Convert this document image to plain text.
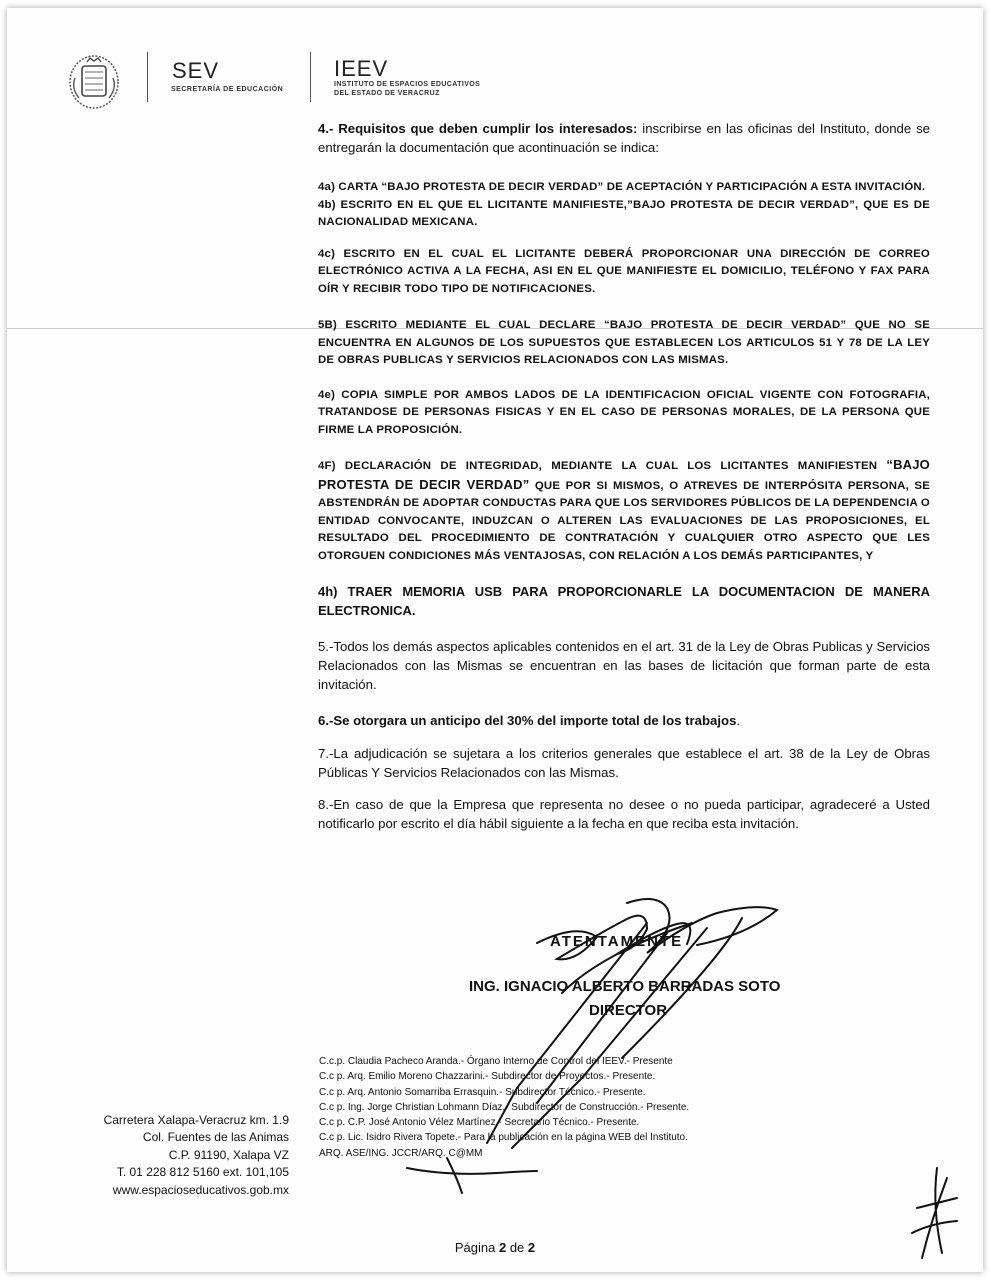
SEV
SECRETARÍA DE EDUCACIÓN
IEEV
INSTITUTO DE ESPACIOS EDUCATIVOS
DEL ESTADO DE VERACRUZ

4.- Requisitos que deben cumplir los interesados: inscribirse en las oficinas del Instituto, donde se entregarán la documentación que acontinuación se indica:

4a) CARTA “BAJO PROTESTA DE DECIR VERDAD” DE ACEPTACIÓN Y PARTICIPACIÓN A ESTA INVITACIÓN.

4b) ESCRITO EN EL QUE EL LICITANTE MANIFIESTE,”BAJO PROTESTA DE DECIR VERDAD”, QUE ES DE NACIONALIDAD MEXICANA.

4c) ESCRITO EN EL CUAL EL LICITANTE DEBERÁ PROPORCIONAR UNA DIRECCIÓN DE CORREO ELECTRÓNICO ACTIVA A LA FECHA, ASI EN EL QUE MANIFIESTE EL DOMICILIO, TELÉFONO Y FAX PARA OÍR Y RECIBIR TODO TIPO DE NOTIFICACIONES.

5B) ESCRITO MEDIANTE EL CUAL DECLARE “BAJO PROTESTA DE DECIR VERDAD” QUE NO SE ENCUENTRA EN ALGUNOS DE LOS SUPUESTOS QUE ESTABLECEN LOS ARTICULOS 51 Y 78 DE LA LEY DE OBRAS PUBLICAS Y SERVICIOS RELACIONADOS CON LAS MISMAS.

4e) COPIA SIMPLE POR AMBOS LADOS DE LA IDENTIFICACION OFICIAL VIGENTE CON FOTOGRAFIA, TRATANDOSE DE PERSONAS FISICAS Y EN EL CASO DE PERSONAS MORALES, DE LA PERSONA QUE FIRME LA PROPOSICIÓN.

4F) DECLARACIÓN DE INTEGRIDAD, MEDIANTE LA CUAL LOS LICITANTES MANIFIESTEN “BAJO PROTESTA DE DECIR VERDAD” QUE POR SI MISMOS, O ATREVES DE INTERPÓSITA PERSONA, SE ABSTENDRÁN DE ADOPTAR CONDUCTAS PARA QUE LOS SERVIDORES PÚBLICOS DE LA DEPENDENCIA O ENTIDAD CONVOCANTE, INDUZCAN O ALTEREN LAS EVALUACIONES DE LAS PROPOSICIONES, EL RESULTADO DEL PROCEDIMIENTO DE CONTRATACIÓN Y CUALQUIER OTRO ASPECTO QUE LES OTORGUEN CONDICIONES MÁS VENTAJOSAS, CON RELACIÓN A LOS DEMÁS PARTICIPANTES, Y

4h) TRAER MEMORIA USB PARA PROPORCIONARLE LA DOCUMENTACION DE MANERA ELECTRONICA.

5.-Todos los demás aspectos aplicables contenidos en el art. 31 de la Ley de Obras Publicas y Servicios Relacionados con las Mismas se encuentran en las bases de licitación que forman parte de esta invitación.

6.-Se otorgara un anticipo del 30% del importe total de los trabajos.

7.-La adjudicación se sujetara a los criterios generales que establece el art. 38 de la Ley de Obras Públicas Y Servicios Relacionados con las Mismas.

8.-En caso de que la Empresa que representa no desee o no pueda participar, agradeceré a Usted notificarlo por escrito el día hábil siguiente a la fecha en que reciba esta invitación.

ATENTAMENTE
ING. IGNACIO ALBERTO BARRADAS SOTO
DIRECTOR
C.c.p. Claudia Pacheco Aranda.- Órgano Interno de Control del IEEV.- Presente
C.c p. Arq. Emilio Moreno Chazzarini.- Subdirector de Proyectos.- Presente.
C.c p. Arq. Antonio Somarriba Errasquin.- Subdirector Técnico.- Presente.
C.c p. Ing. Jorge Christian Lohmann Díaz.- Subdirector de Construcción.- Presente.
C.c p. C.P. José Antonio Vélez Martínez.- Secretario Técnico.- Presente.
C.c p. Lic. Isidro Rivera Topete.- Para la publicación en la página WEB del Instituto.
ARQ. ASE/ING. JCCR/ARQ. C@MM
Carretera Xalapa-Veracruz km. 1.9
Col. Fuentes de las Animas
C.P. 91190, Xalapa VZ
T. 01 228 812 5160 ext. 101,105
www.espacioseducativos.gob.mx
Página 2 de 2
